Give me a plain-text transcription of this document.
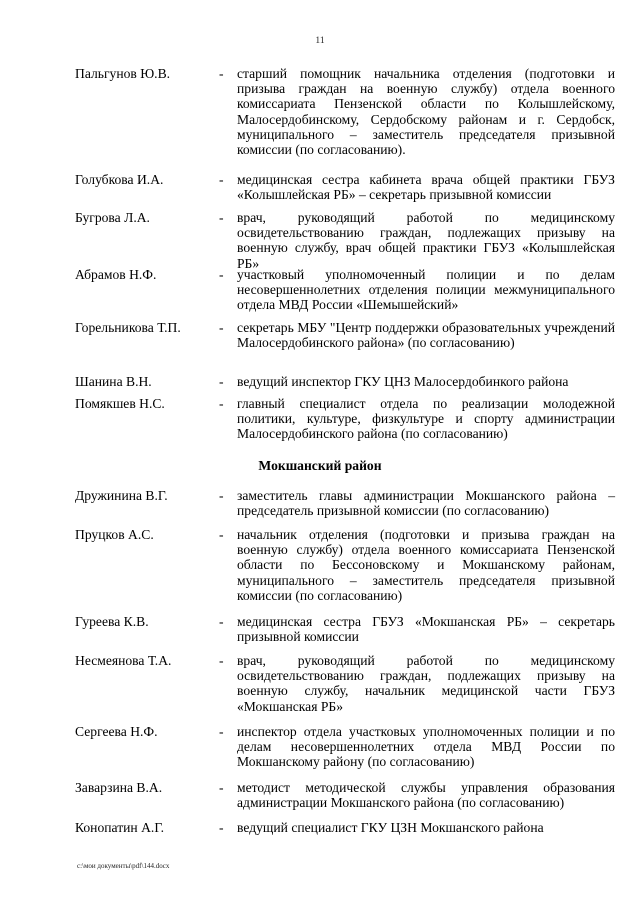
11
Пальгунов Ю.В.	- старший помощник начальника отделения (подготовки и призыва граждан на военную службу) отдела военного комиссариата Пензенской области по Колышлейскому, Малосердобинскому, Сердобскому районам и г. Сердобск, муниципального – заместитель председателя призывной комиссии (по согласованию).
Голубкова И.А.	- медицинская сестра кабинета врача общей практики ГБУЗ «Колышлейская РБ» – секретарь призывной комиссии
Бугрова Л.А.	- врач, руководящий работой по медицинскому освидетельствованию граждан, подлежащих призыву на военную службу, врач общей практики ГБУЗ «Колышлейская РБ»
Абрамов Н.Ф.	- участковый уполномоченный полиции и по делам несовершеннолетних отделения полиции межмуниципального отдела МВД России «Шемышейский»
Горельникова Т.П.	- секретарь МБУ "Центр поддержки образовательных учреждений Малосердобинского района» (по согласованию)
Шанина В.Н.	- ведущий инспектор ГКУ ЦНЗ Малосердобинкого района
Помякшев Н.С.	- главный специалист отдела по реализации молодежной политики, культуре, физкультуре и спорту администрации Малосердобинского района (по согласованию)
Мокшанский район
Дружинина В.Г.	- заместитель главы администрации Мокшанского района – председатель призывной комиссии (по согласованию)
Пруцков А.С.	- начальник отделения (подготовки и призыва граждан на военную службу) отдела военного комиссариата Пензенской области по Бессоновскому и Мокшанскому районам, муниципального – заместитель председателя призывной комиссии (по согласованию)
Гуреева К.В.	- медицинская сестра ГБУЗ «Мокшанская РБ» – секретарь призывной комиссии
Несмеянова Т.А.	- врач, руководящий работой по медицинскому освидетельствованию граждан, подлежащих призыву на военную службу, начальник медицинской части ГБУЗ «Мокшанская РБ»
Сергеева Н.Ф.	- инспектор отдела участковых уполномоченных полиции и по делам несовершеннолетних отдела МВД России по Мокшанскому району (по согласованию)
Заварзина В.А.	- методист методической службы управления образования администрации Мокшанского района (по согласованию)
Конопатин А.Г.	- ведущий специалист ГКУ ЦЗН Мокшанского района
c:\мои документы\pdf\144.docx
